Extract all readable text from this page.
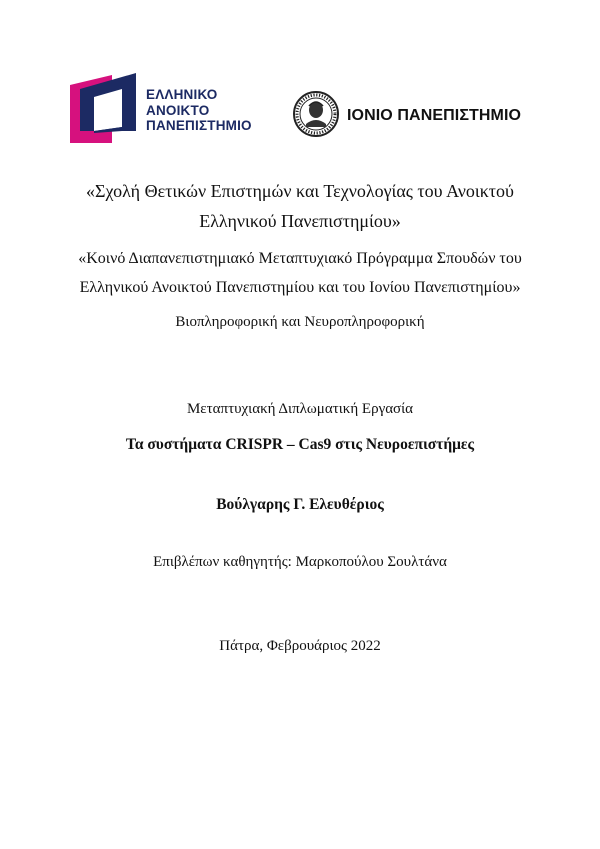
ΕΛΛΗΝΙΚΟ
ΑΝΟΙΚΤΟ
ΠΑΝΕΠΙΣΤΗΜΙΟ
ΙΟΝΙΟ ΠΑΝΕΠΙΣΤΗΜΙΟ
«Σχολή Θετικών Επιστημών και Τεχνολογίας του Ανοικτού
Ελληνικού Πανεπιστημίου»
«Κοινό Διαπανεπιστημιακό Μεταπτυχιακό Πρόγραμμα Σπουδών του
Ελληνικού Ανοικτού Πανεπιστημίου και του Ιονίου Πανεπιστημίου»
Βιοπληροφορική και Νευροπληροφορική
Μεταπτυχιακή Διπλωματική Εργασία
Τα συστήματα CRISPR – Cas9 στις Νευροεπιστήμες
Βούλγαρης Γ. Ελευθέριος
Επιβλέπων καθηγητής: Μαρκοπούλου Σουλτάνα
Πάτρα, Φεβρουάριος 2022
